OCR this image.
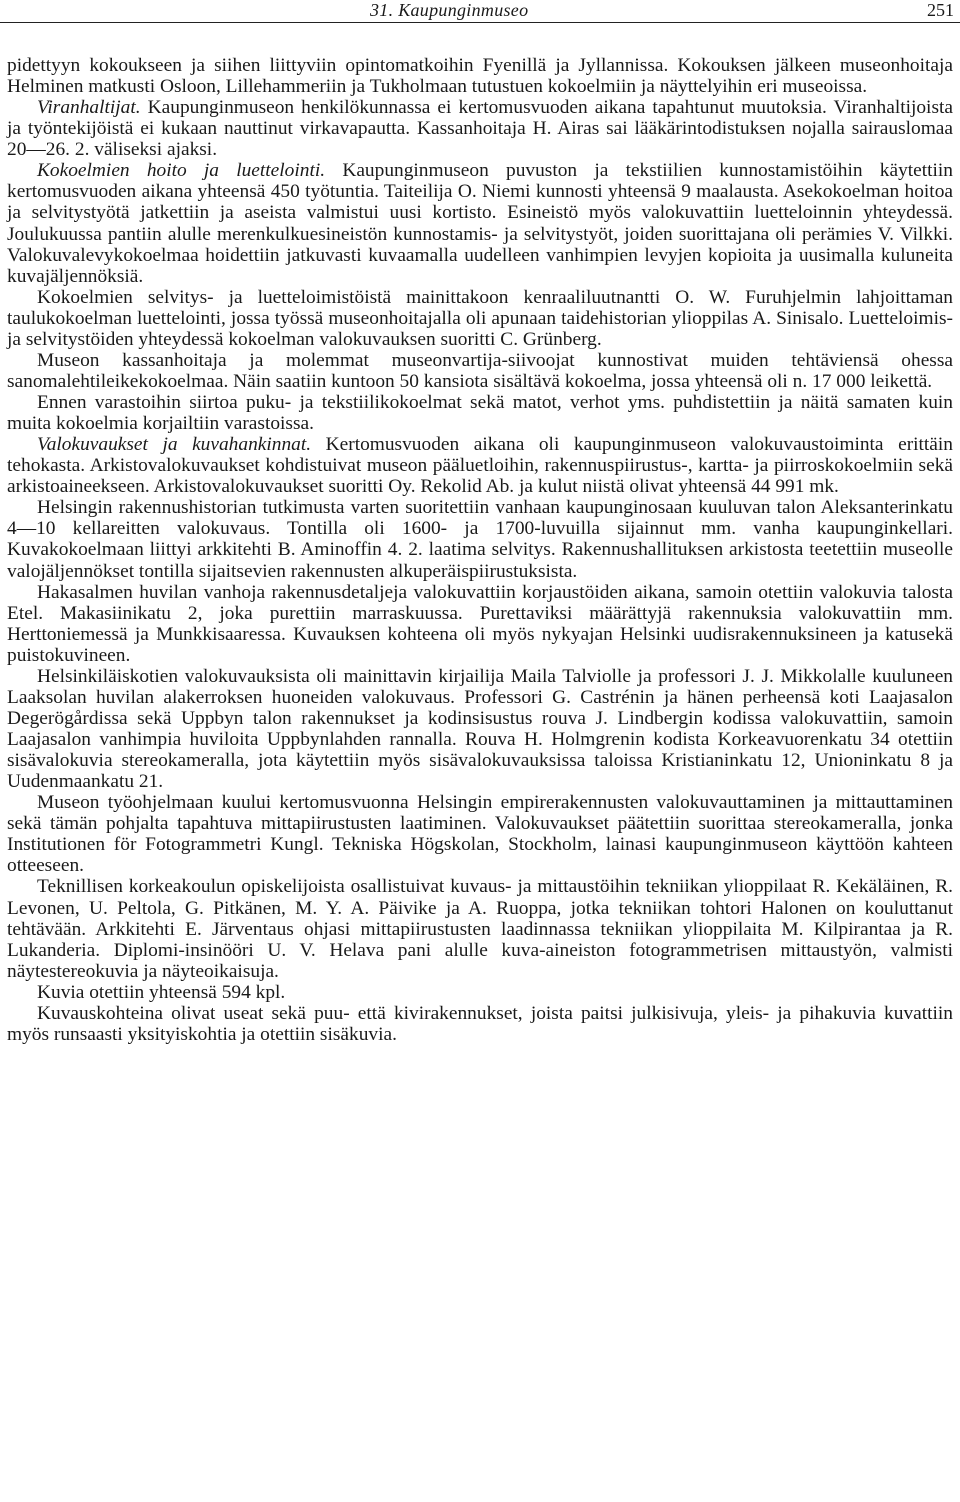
31. Kaupunginmuseo	251

pidettyyn kokoukseen ja siihen liittyviin opintomatkoihin Fyenillä ja Jyllannissa. Kokouksen jälkeen museonhoitaja Helminen matkusti Osloon, Lillehammeriin ja Tukholmaan tutustuen kokoelmiin ja näyttelyihin eri museoissa.

Viranhaltijat. Kaupunginmuseon henkilökunnassa ei kertomusvuoden aikana tapahtunut muutoksia. Viranhaltijoista ja työntekijöistä ei kukaan nauttinut virkavapautta. Kassanhoitaja H. Airas sai lääkärintodistuksen nojalla sairauslomaa 20—26. 2. väliseksi ajaksi.

Kokoelmien hoito ja luettelointi. Kaupunginmuseon puvuston ja tekstiilien kunnostamistöihin käytettiin kertomusvuoden aikana yhteensä 450 työtuntia. Taiteilija O. Niemi kunnosti yhteensä 9 maalausta. Asekokoelman hoitoa ja selvitystyötä jatkettiin ja aseista valmistui uusi kortisto. Esineistö myös valokuvattiin luetteloinnin yhteydessä. Joulukuussa pantiin alulle merenkulkuesineistön kunnostamis- ja selvitystyöt, joiden suorittajana oli perämies V. Vilkki. Valokuvalevykokoelmaa hoidettiin jatkuvasti kuvaamalla uudelleen vanhimpien levyjen kopioita ja uusimalla kuluneita kuvajäljennöksiä.

Kokoelmien selvitys- ja luetteloimistöistä mainittakoon kenraaliluutnantti O. W. Furuhjelmin lahjoittaman taulukokoelman luettelointi, jossa työssä museonhoitajalla oli apunaan taidehistorian ylioppilas A. Sinisalo. Luetteloimis- ja selvitystöiden yhteydessä kokoelman valokuvauksen suoritti C. Grünberg.

Museon kassanhoitaja ja molemmat museonvartija-siivoojat kunnostivat muiden tehtäviensä ohessa sanomalehtileikekokoelmaa. Näin saatiin kuntoon 50 kansiota sisältävä kokoelma, jossa yhteensä oli n. 17 000 leikettä.

Ennen varastoihin siirtoa puku- ja tekstiilikokoelmat sekä matot, verhot yms. puhdistettiin ja näitä samaten kuin muita kokoelmia korjailtiin varastoissa.

Valokuvaukset ja kuvahankinnat. Kertomusvuoden aikana oli kaupunginmuseon valokuvaustoiminta erittäin tehokasta. Arkistovalokuvaukset kohdistuivat museon pääluetloihin, rakennuspiirustus-, kartta- ja piirroskokoelmiin sekä arkistoaineekseen. Arkistovalokuvaukset suoritti Oy. Rekolid Ab. ja kulut niistä olivat yhteensä 44 991 mk.

Helsingin rakennushistorian tutkimusta varten suoritettiin vanhaan kaupunginosaan kuuluvan talon Aleksanterinkatu 4—10 kellareitten valokuvaus. Tontilla oli 1600- ja 1700-luvuilla sijainnut mm. vanha kaupunginkellari. Kuvakokoelmaan liittyi arkkitehti B. Aminoffin 4. 2. laatima selvitys. Rakennushallituksen arkistosta teetettiin museolle valojäljennökset tontilla sijaitsevien rakennusten alkuperäispiirustuksista.

Hakasalmen huvilan vanhoja rakennusdetaljeja valokuvattiin korjaustöiden aikana, samoin otettiin valokuvia talosta Etel. Makasiinikatu 2, joka purettiin marraskuussa. Purettaviksi määrättyjä rakennuksia valokuvattiin mm. Herttoniemessä ja Munkkisaaressa. Kuvauksen kohteena oli myös nykyajan Helsinki uudisrakennuksineen ja katusekä puistokuvineen.

Helsinkiläiskotien valokuvauksista oli mainittavin kirjailija Maila Talviolle ja professori J. J. Mikkolalle kuuluneen Laaksolan huvilan alakerroksen huoneiden valokuvaus. Professori G. Castrénin ja hänen perheensä koti Laajasalon Degerögårdissa sekä Uppbyn talon rakennukset ja kodinsisustus rouva J. Lindbergin kodissa valokuvattiin, samoin Laajasalon vanhimpia huviloita Uppbynlahden rannalla. Rouva H. Holmgrenin kodista Korkeavuorenkatu 34 otettiin sisävalokuvia stereokameralla, jota käytettiin myös sisävalokuvauksissa taloissa Kristianinkatu 12, Unioninkatu 8 ja Uudenmaankatu 21.

Museon työohjelmaan kuului kertomusvuonna Helsingin empirerakennusten valokuvauttaminen ja mittauttaminen sekä tämän pohjalta tapahtuva mittapiirustusten laatiminen. Valokuvaukset päätettiin suorittaa stereokameralla, jonka Institutionen för Fotogrammetri Kungl. Tekniska Högskolan, Stockholm, lainasi kaupunginmuseon käyttöön kahteen otteeseen.

Teknillisen korkeakoulun opiskelijoista osallistuivat kuvaus- ja mittaustöihin tekniikan ylioppilaat R. Kekäläinen, R. Levonen, U. Peltola, G. Pitkänen, M. Y. A. Päivike ja A. Ruoppa, jotka tekniikan tohtori Halonen on kouluttanut tehtävään. Arkkitehti E. Järventaus ohjasi mittapiirustusten laadinnassa tekniikan ylioppilaita M. Kilpirantaa ja R. Lukanderia. Diplomi-insinööri U. V. Helava pani alulle kuva-aineiston fotogrammetrisen mittaustyön, valmisti näytestereokuvia ja näyteoikaisuja.

Kuvia otettiin yhteensä 594 kpl.

Kuvauskohteina olivat useat sekä puu- että kivirakennukset, joista paitsi julkisivuja, yleis- ja pihakuvia kuvattiin myös runsaasti yksityiskohtia ja otettiin sisäkuvia.
